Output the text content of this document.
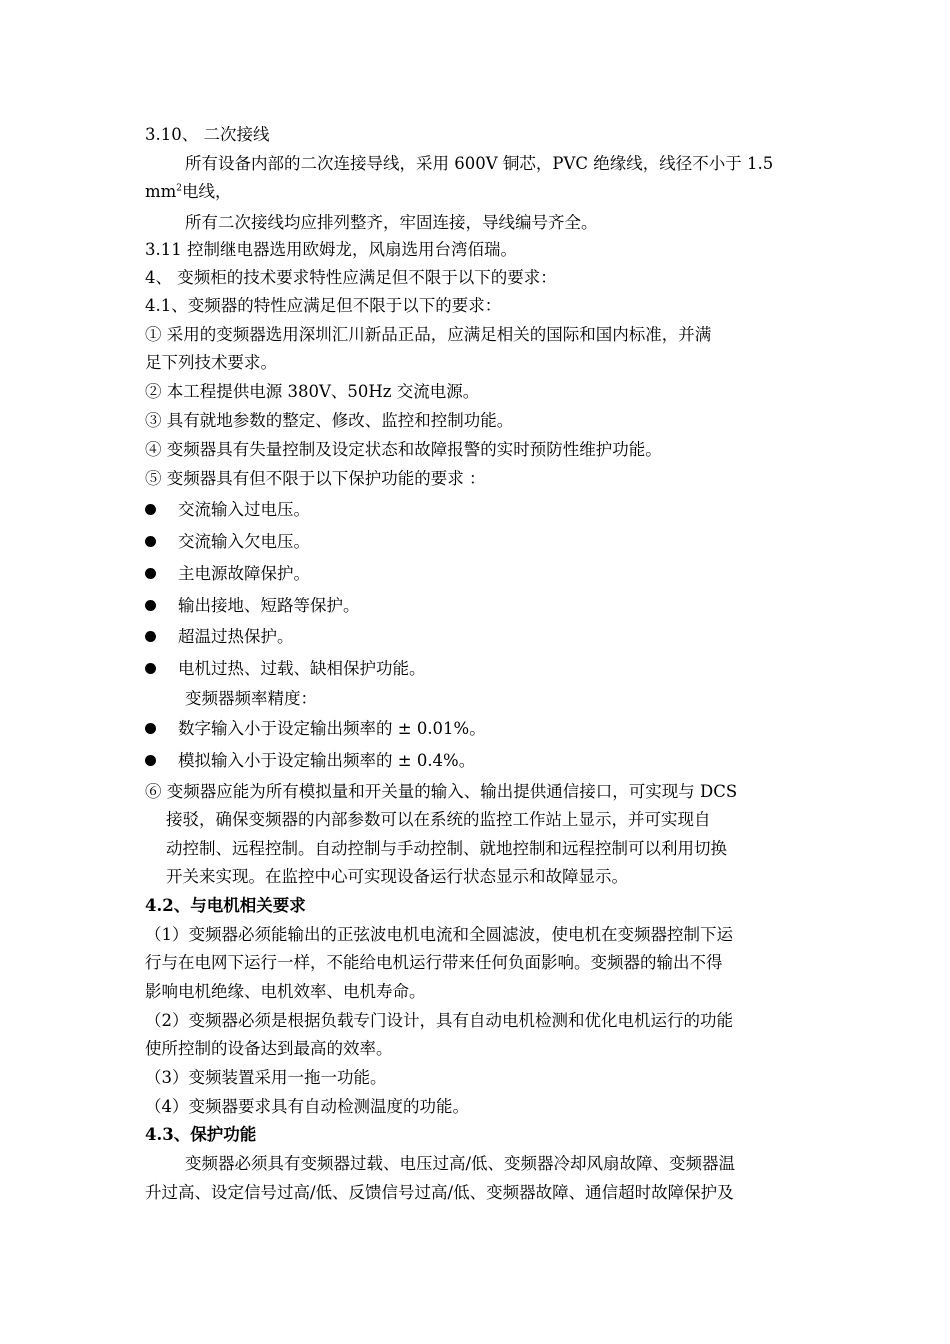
3.10、 二次接线
所有设备内部的二次连接导线，采用 600V 铜芯，PVC 绝缘线，线径不小于 1.5
$mm^2$电线，
所有二次接线均应排列整齐，牢固连接，导线编号齐全。
3.11 控制继电器选用欧姆龙，风扇选用台湾佰瑞。
4、 变频柜的技术要求特性应满足但不限于以下的要求：
4.1、变频器的特性应满足但不限于以下的要求：
① 采用的变频器选用深圳汇川新品正品，应满足相关的国际和国内标准，并满
足下列技术要求。
② 本工程提供电源 380V、50Hz 交流电源。
③ 具有就地参数的整定、修改、监控和控制功能。
④ 变频器具有失量控制及设定状态和故障报警的实时预防性维护功能。
⑤ 变频器具有但不限于以下保护功能的要求 ：
交流输入过电压。
交流输入欠电压。
主电源故障保护。
输出接地、短路等保护。
超温过热保护。
电机过热、过载、缺相保护功能。
变频器频率精度：
数字输入小于设定输出频率的 ± 0.01%。
模拟输入小于设定输出频率的 ± 0.4%。
⑥ 变频器应能为所有模拟量和开关量的输入、输出提供通信接口，可实现与 DCS
接驳，确保变频器的内部参数可以在系统的监控工作站上显示，并可实现自
动控制、远程控制。自动控制与手动控制、就地控制和远程控制可以利用切换
开关来实现。在监控中心可实现设备运行状态显示和故障显示。
4.2、与电机相关要求
（1）变频器必须能输出的正弦波电机电流和全圆滤波，使电机在变频器控制下运
行与在电网下运行一样，不能给电机运行带来任何负面影响。变频器的输出不得
影响电机绝缘、电机效率、电机寿命。
（2）变频器必须是根据负载专门设计，具有自动电机检测和优化电机运行的功能
使所控制的设备达到最高的效率。
（3）变频装置采用一拖一功能。
（4）变频器要求具有自动检测温度的功能。
4.3、保护功能
变频器必须具有变频器过载、电压过高/低、变频器冷却风扇故障、变频器温
升过高、设定信号过高/低、反馈信号过高/低、变频器故障、通信超时故障保护及
